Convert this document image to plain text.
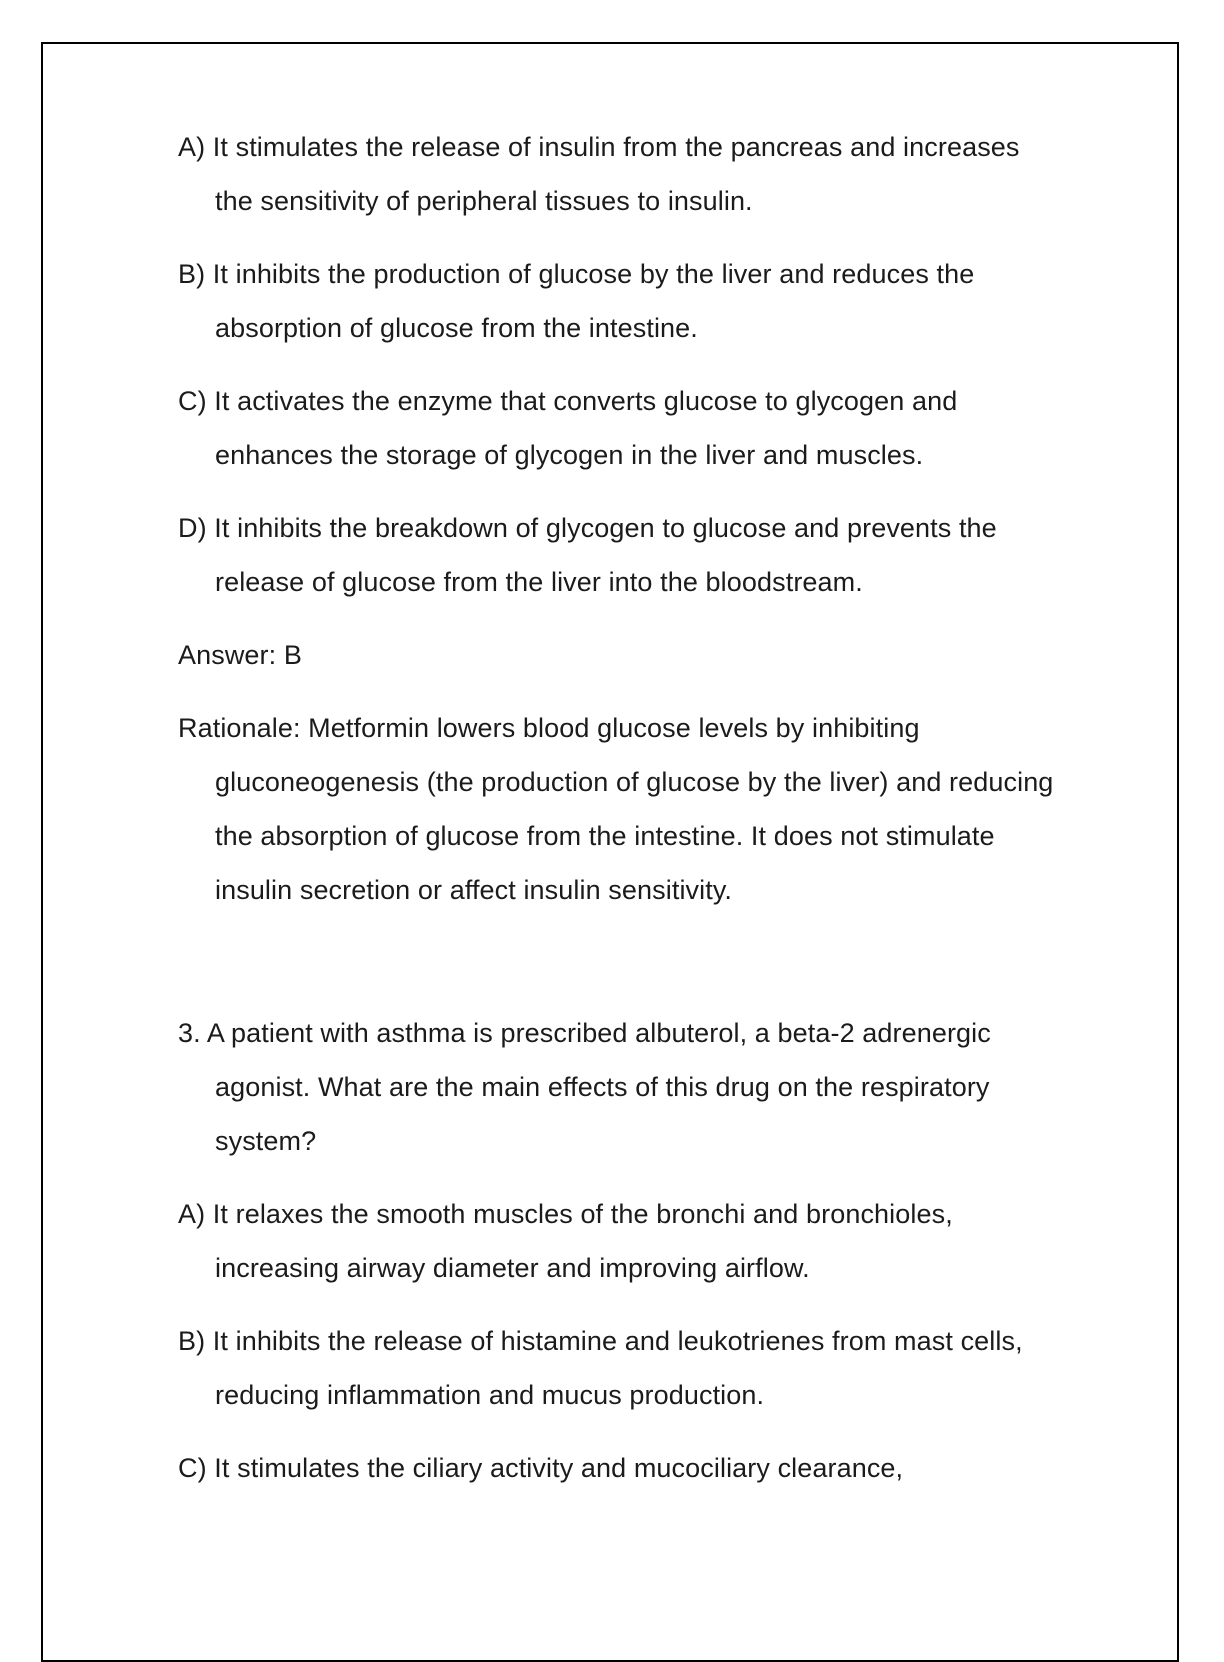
A) It stimulates the release of insulin from the pancreas and increases the sensitivity of peripheral tissues to insulin.

B) It inhibits the production of glucose by the liver and reduces the absorption of glucose from the intestine.

C) It activates the enzyme that converts glucose to glycogen and enhances the storage of glycogen in the liver and muscles.

D) It inhibits the breakdown of glycogen to glucose and prevents the release of glucose from the liver into the bloodstream.

Answer: B

Rationale: Metformin lowers blood glucose levels by inhibiting gluconeogenesis (the production of glucose by the liver) and reducing the absorption of glucose from the intestine. It does not stimulate insulin secretion or affect insulin sensitivity.

3. A patient with asthma is prescribed albuterol, a beta-2 adrenergic agonist. What are the main effects of this drug on the respiratory system?

A) It relaxes the smooth muscles of the bronchi and bronchioles, increasing airway diameter and improving airflow.

B) It inhibits the release of histamine and leukotrienes from mast cells, reducing inflammation and mucus production.

C) It stimulates the ciliary activity and mucociliary clearance,
